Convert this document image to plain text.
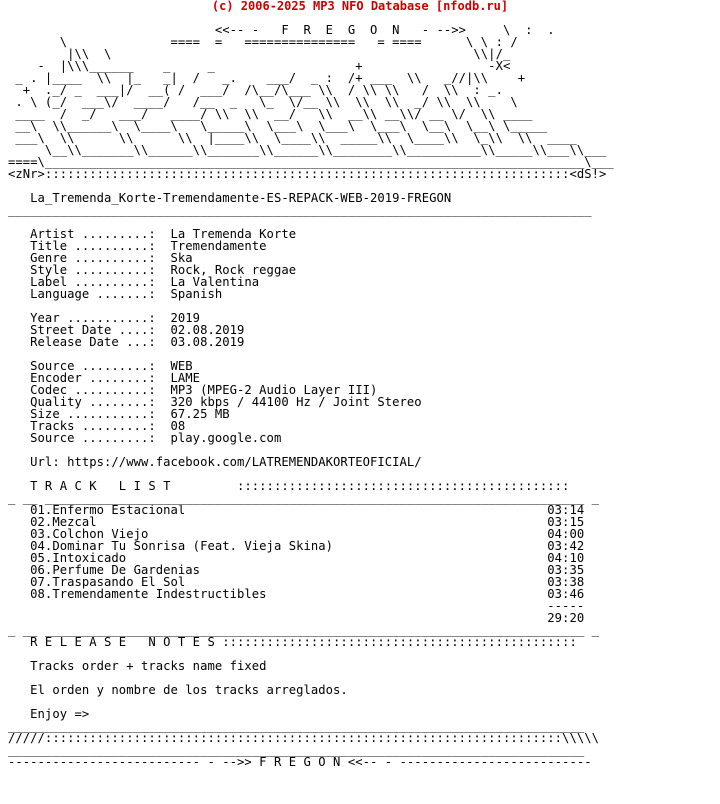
(c) 2006-2025 MP3 NFO Database [nfodb.ru]
<<-- -   F  R  E  G  O  N   - -->>     \  :  .
\              ====  =   ===============   = ====      \ \ : /
|\\  \                                                 \\|/_
-  |\\\______    _     _                   +                 -X<
_ . |____  \\  |_   _|  /   _.    ___/  _ :  /+ ___  \\   _//|\\    +
+  ._/ _  ___|/  __( /  ___/  /\__/\___ \\  / \\ \\   /  \\  : _.
. \ (_/  ___\/  ____/   /__  _   \_  \/__ \\  \\  \\  _/ \\  \\    \
____  /  _/   ___/   ____/ \\  \\  __/   \\  __\\ __\\/ __ \/  \\ ____
__\  \\______\  \____\   \_____\  \___\  \___\  \___\  \__\  \__\ \_____
___\  \\      \\      \\  |____\\  \____\\  _____\\  \____\\  \_\\  \\  ____
\__\\_______\\______\\_______\\______\\________\\__________\\_____\\___\\___
====\_________________________________________________________________________\___
<zNr>:::::::::::::::::::::::::::::::::::::::::::::::::::::::::::::::::::::::<dS!>

La_Tremenda_Korte-Tremendamente-ES-REPACK-WEB-2019-FREGON
_______________________________________________________________________________

Artist .........:  La Tremenda Korte
Title ..........:  Tremendamente
Genre ..........:  Ska
Style ..........:  Rock, Rock reggae
Label ..........:  La Valentina
Language .......:  Spanish

Year ...........:  2019
Street Date ....:  02.08.2019
Release Date ...:  03.08.2019

Source .........:  WEB
Encoder ........:  LAME
Codec ..........:  MP3 (MPEG-2 Audio Layer III)
Quality ........:  320 kbps / 44100 Hz / Joint Stereo
Size ...........:  67.25 MB
Tracks .........:  08
Source .........:  play.google.com

Url: https://www.facebook.com/LATREMENDAKORTEOFICIAL/

T R A C K   L I S T         :::::::::::::::::::::::::::::::::::::::::::::
_ __ _________________________________________________________________________ _
01.Enfermo Estacional                                                 03:14
02.Mezcal                                                             03:15
03.Colchon Viejo                                                      04:00
04.Dominar Tu Sonrisa (Feat. Vieja Skina)                             03:42
05.Intoxicado                                                         04:10
06.Perfume De Gardenias                                               03:35
07.Traspasando El Sol                                                 03:38
08.Tremendamente Indestructibles                                      03:46
-----
29:20
_ __ _________________________________________________________________________ _
R E L E A S E   N O T E S ::::::::::::::::::::::::::::::::::::::::::::::::

Tracks order + tracks name fixed

El orden y nombre de los tracks arreglados.

Enjoy =>
______________________________________________________________________________
/////::::::::::::::::::::::::::::::::::::::::::::::::::::::::::::::::::::::\\\\\
______________________________________________________________________________
-------------------------- - -->> F R E G O N <<-- - --------------------------
